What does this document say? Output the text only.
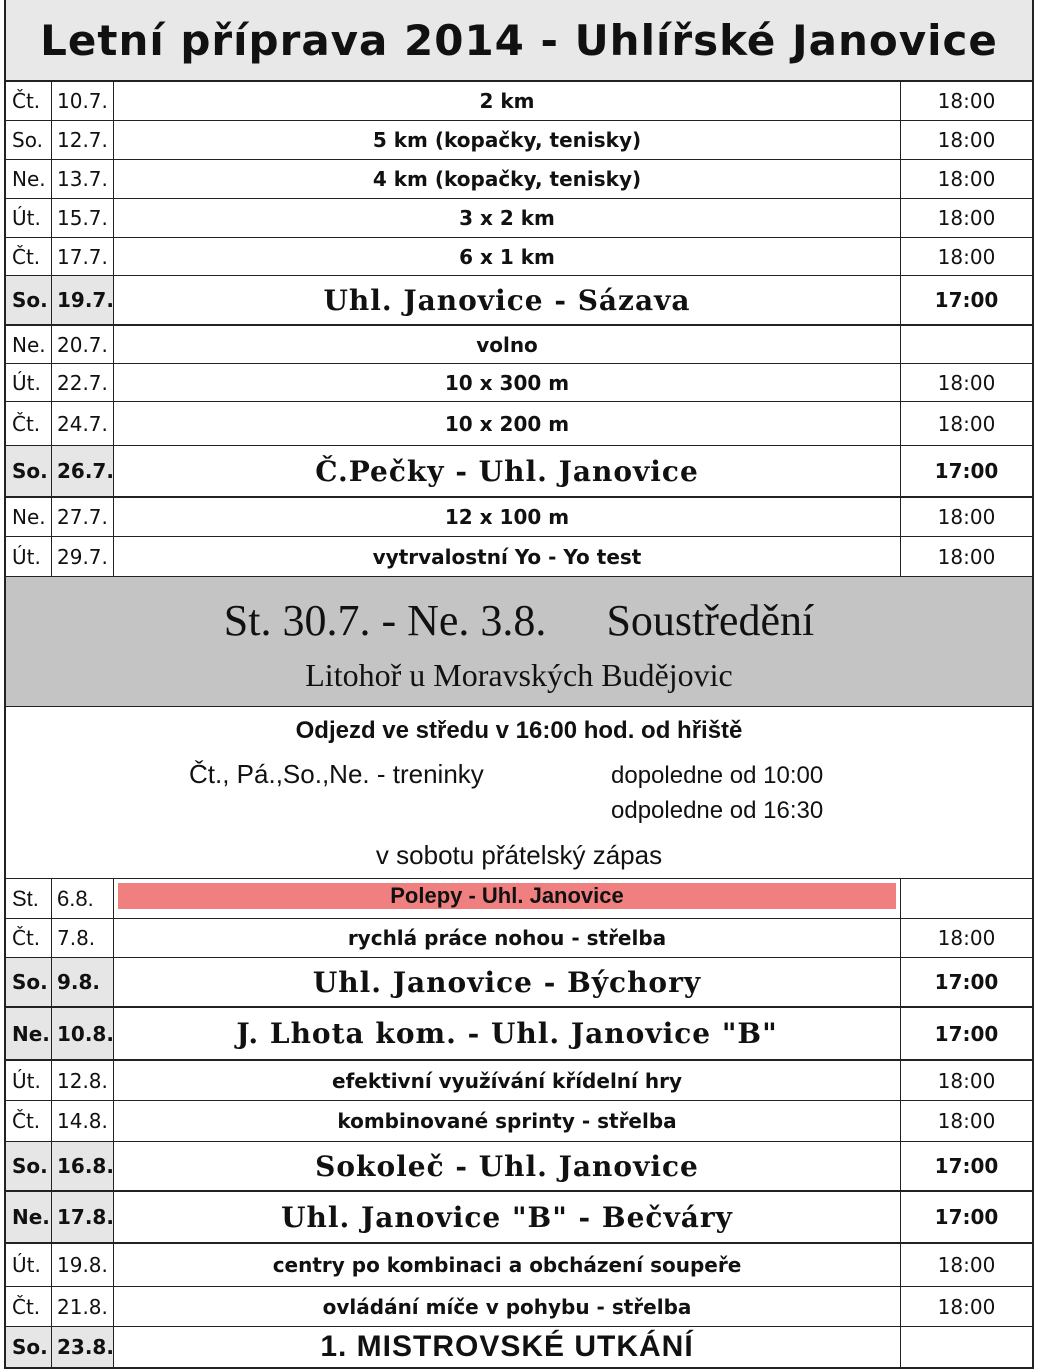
Letní příprava 2014 - Uhlířské Janovice
Čt. 10.7.	2 km	18:00
So. 12.7.	5 km (kopačky, tenisky)	18:00
Ne. 13.7.	4 km (kopačky, tenisky)	18:00
Út. 15.7.	3 x 2 km	18:00
Čt. 17.7.	6 x 1 km	18:00
So. 19.7.	Uhl. Janovice - Sázava	17:00
Ne. 20.7.	volno
Út. 22.7.	10 x 300 m	18:00
Čt. 24.7.	10 x 200 m	18:00
So. 26.7.	Č.Pečky - Uhl. Janovice	17:00
Ne. 27.7.	12 x 100 m	18:00
Út. 29.7.	vytrvalostní Yo - Yo test	18:00
St. 30.7. - Ne. 3.8. Soustředění
Litohoř u Moravských Budějovic
Odjezd ve středu v 16:00 hod. od hřiště
Čt., Pá.,So.,Ne. - treninky	dopoledne od 10:00
odpoledne od 16:30
v sobotu přátelský zápas
St. 6.8.	Polepy - Uhl. Janovice
Čt. 7.8.	rychlá práce nohou - střelba	18:00
So. 9.8.	Uhl. Janovice - Býchory	17:00
Ne. 10.8.	J. Lhota kom. - Uhl. Janovice "B"	17:00
Út. 12.8.	efektivní využívání křídelní hry	18:00
Čt. 14.8.	kombinované sprinty - střelba	18:00
So. 16.8.	Sokoleč - Uhl. Janovice	17:00
Ne. 17.8.	Uhl. Janovice "B" - Bečváry	17:00
Út. 19.8.	centry po kombinaci a obcházení soupeře	18:00
Čt. 21.8.	ovládání míče v pohybu - střelba	18:00
So. 23.8.	1. MISTROVSKÉ UTKÁNÍ
